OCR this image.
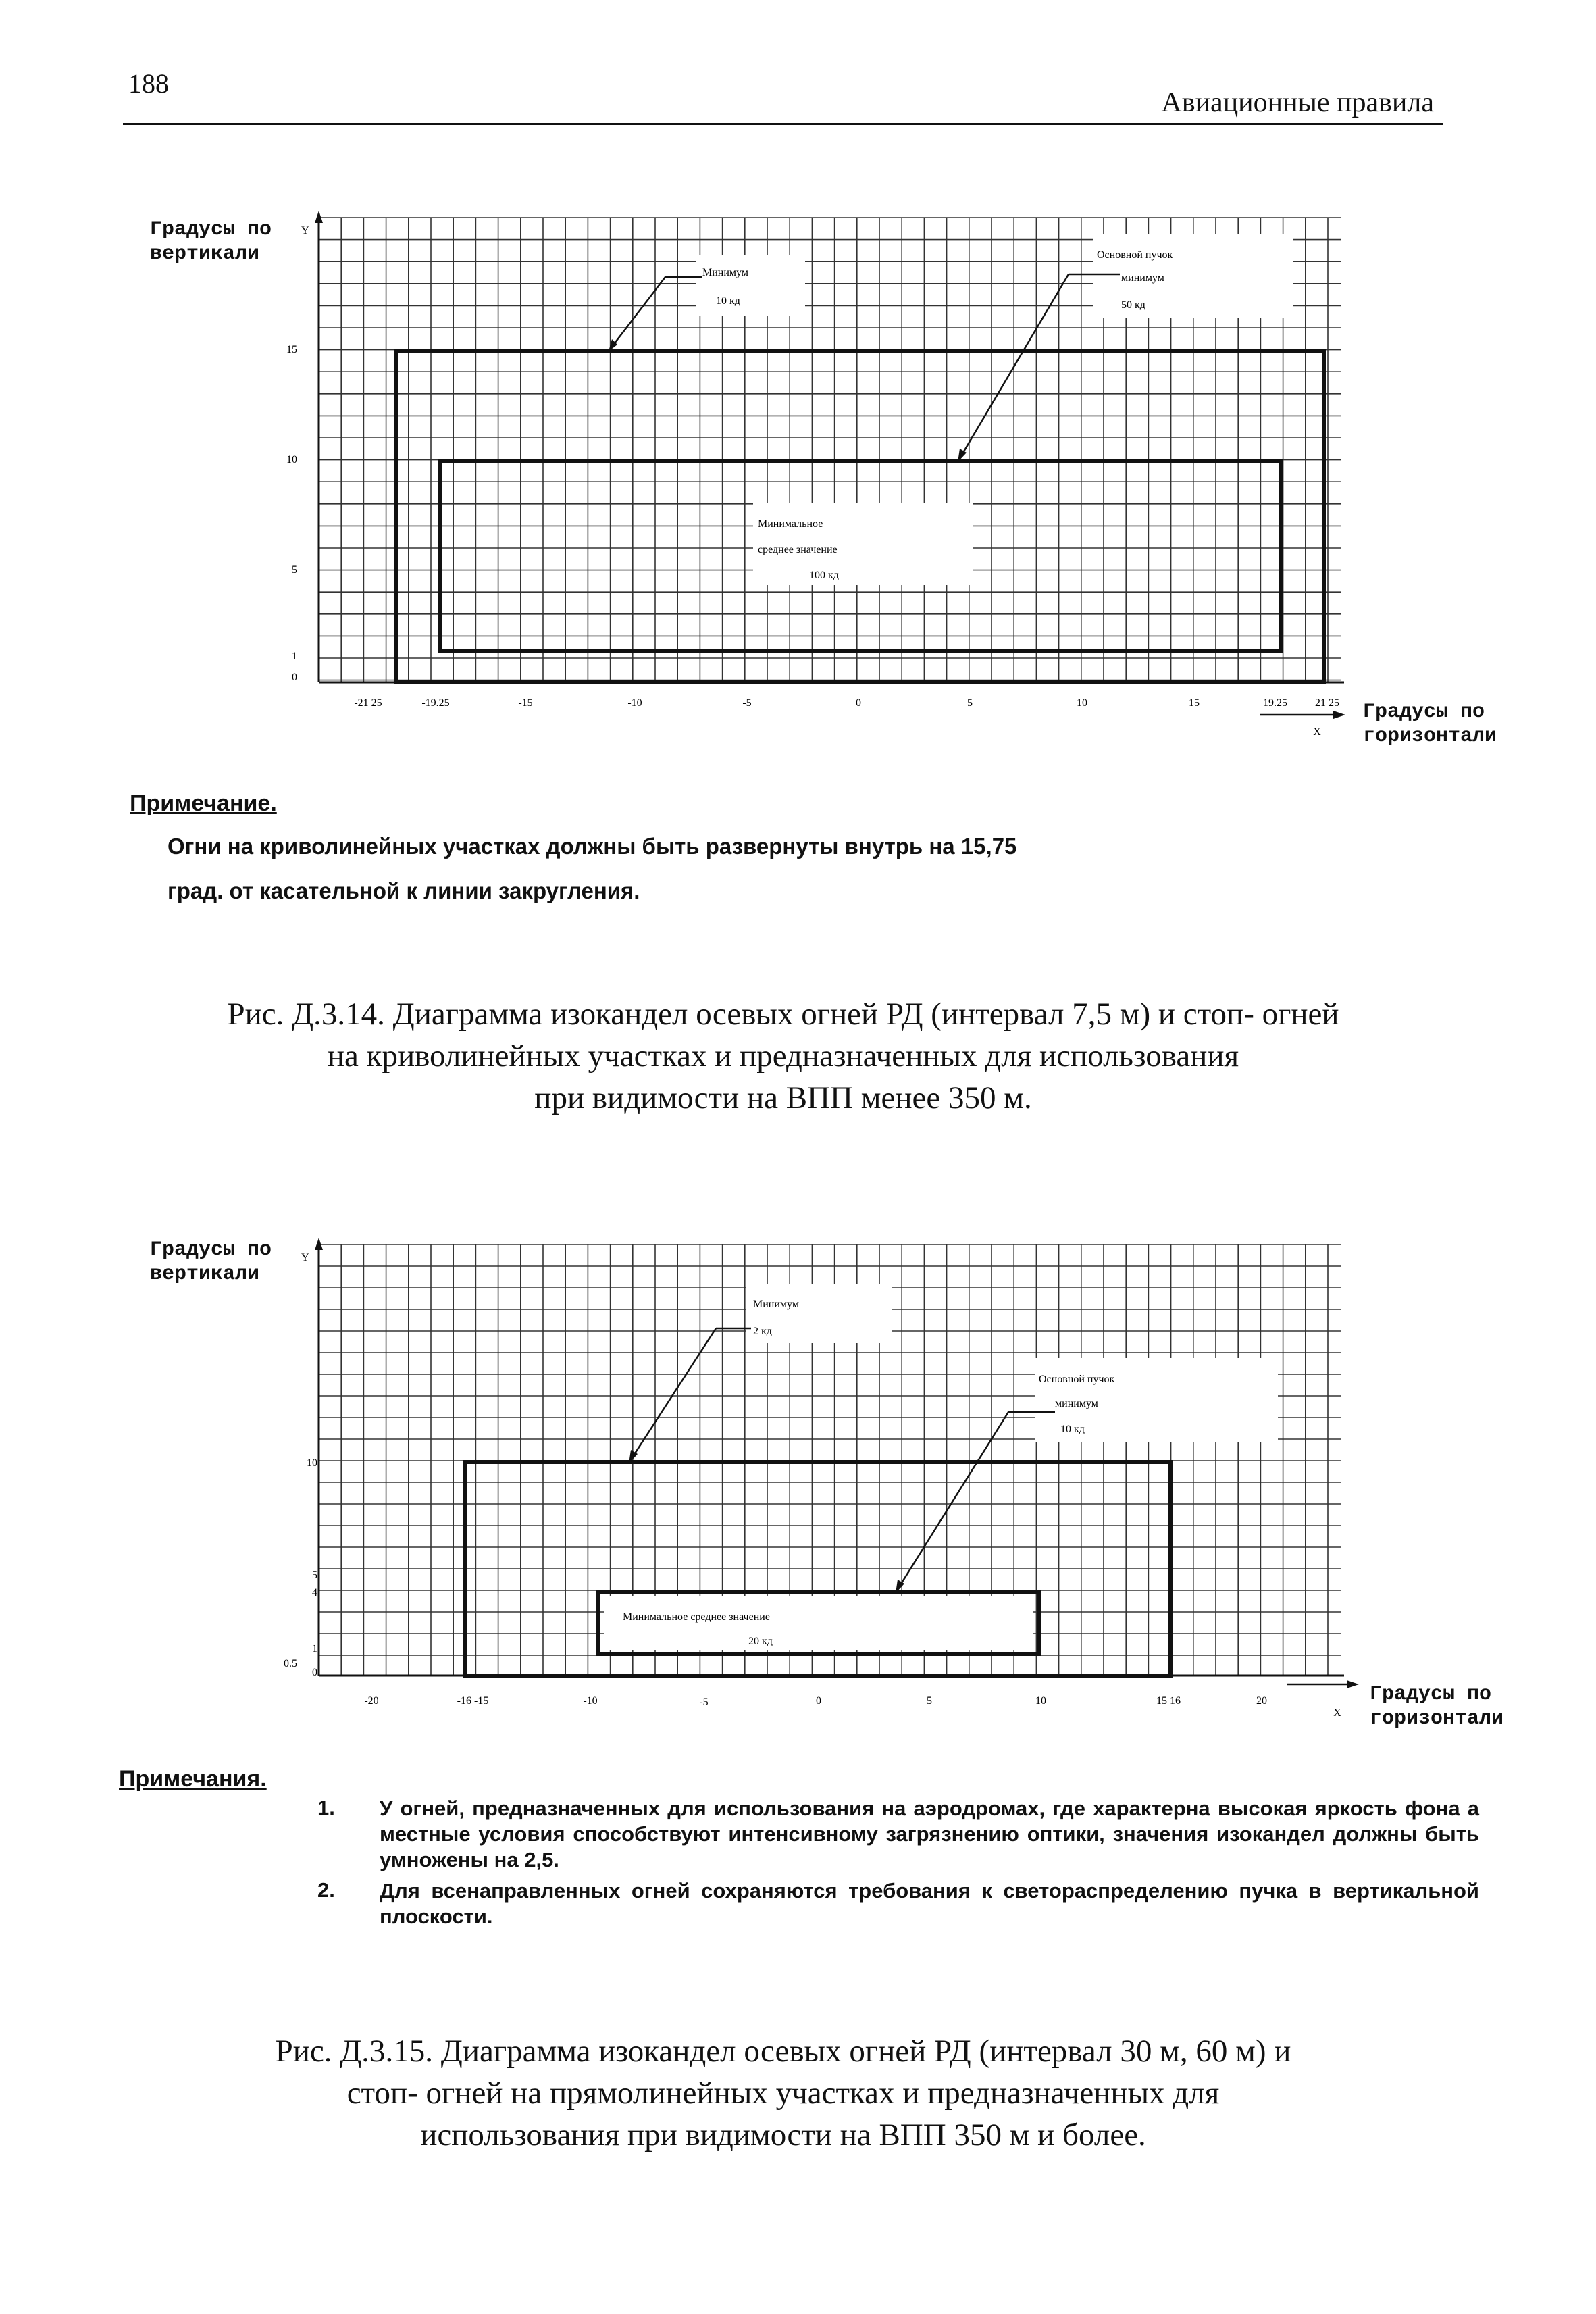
188
Авиационные правила
Градусы по
вертикали
Y
15
10
5
1
0
-21 25	-19.25	-15	-10	-5	0	5	10	15	19.25	21 25
X
Минимум
10 кд
Основной пучок
минимум
50 кд
Минимальное
среднее значение
100 кд
Градусы по
горизонтали
Примечание.
Огни на криволинейных участках должны быть развернуты внутрь на 15,75
град. от касательной к линии закругления.
Рис. Д.3.14. Диаграмма изокандел осевых огней РД (интервал 7,5 м) и стоп- огней
на криволинейных участках и предназначенных для использования
при видимости на ВПП менее 350 м.
Градусы по
вертикали
Y
10
5
4
1
0.5
0
-20	-16 -15	-10	-5	0	5	10	15 16	20
X
Минимум
2 кд
Основной пучок
минимум
10 кд
Минимальное среднее значение
20 кд
Градусы по
горизонтали
Примечания.
1. У огней, предназначенных для использования на аэродромах, где характерна высокая яркость фона а местные условия способствуют интенсивному загрязнению оптики, значения изокандел должны быть умножены на 2,5.
2. Для всенаправленных огней сохраняются требования к светораспределению пучка в вертикальной плоскости.
Рис. Д.3.15. Диаграмма изокандел осевых огней РД (интервал 30 м, 60 м) и
стоп- огней на прямолинейных участках и предназначенных для
использования при видимости на ВПП 350 м и более.
